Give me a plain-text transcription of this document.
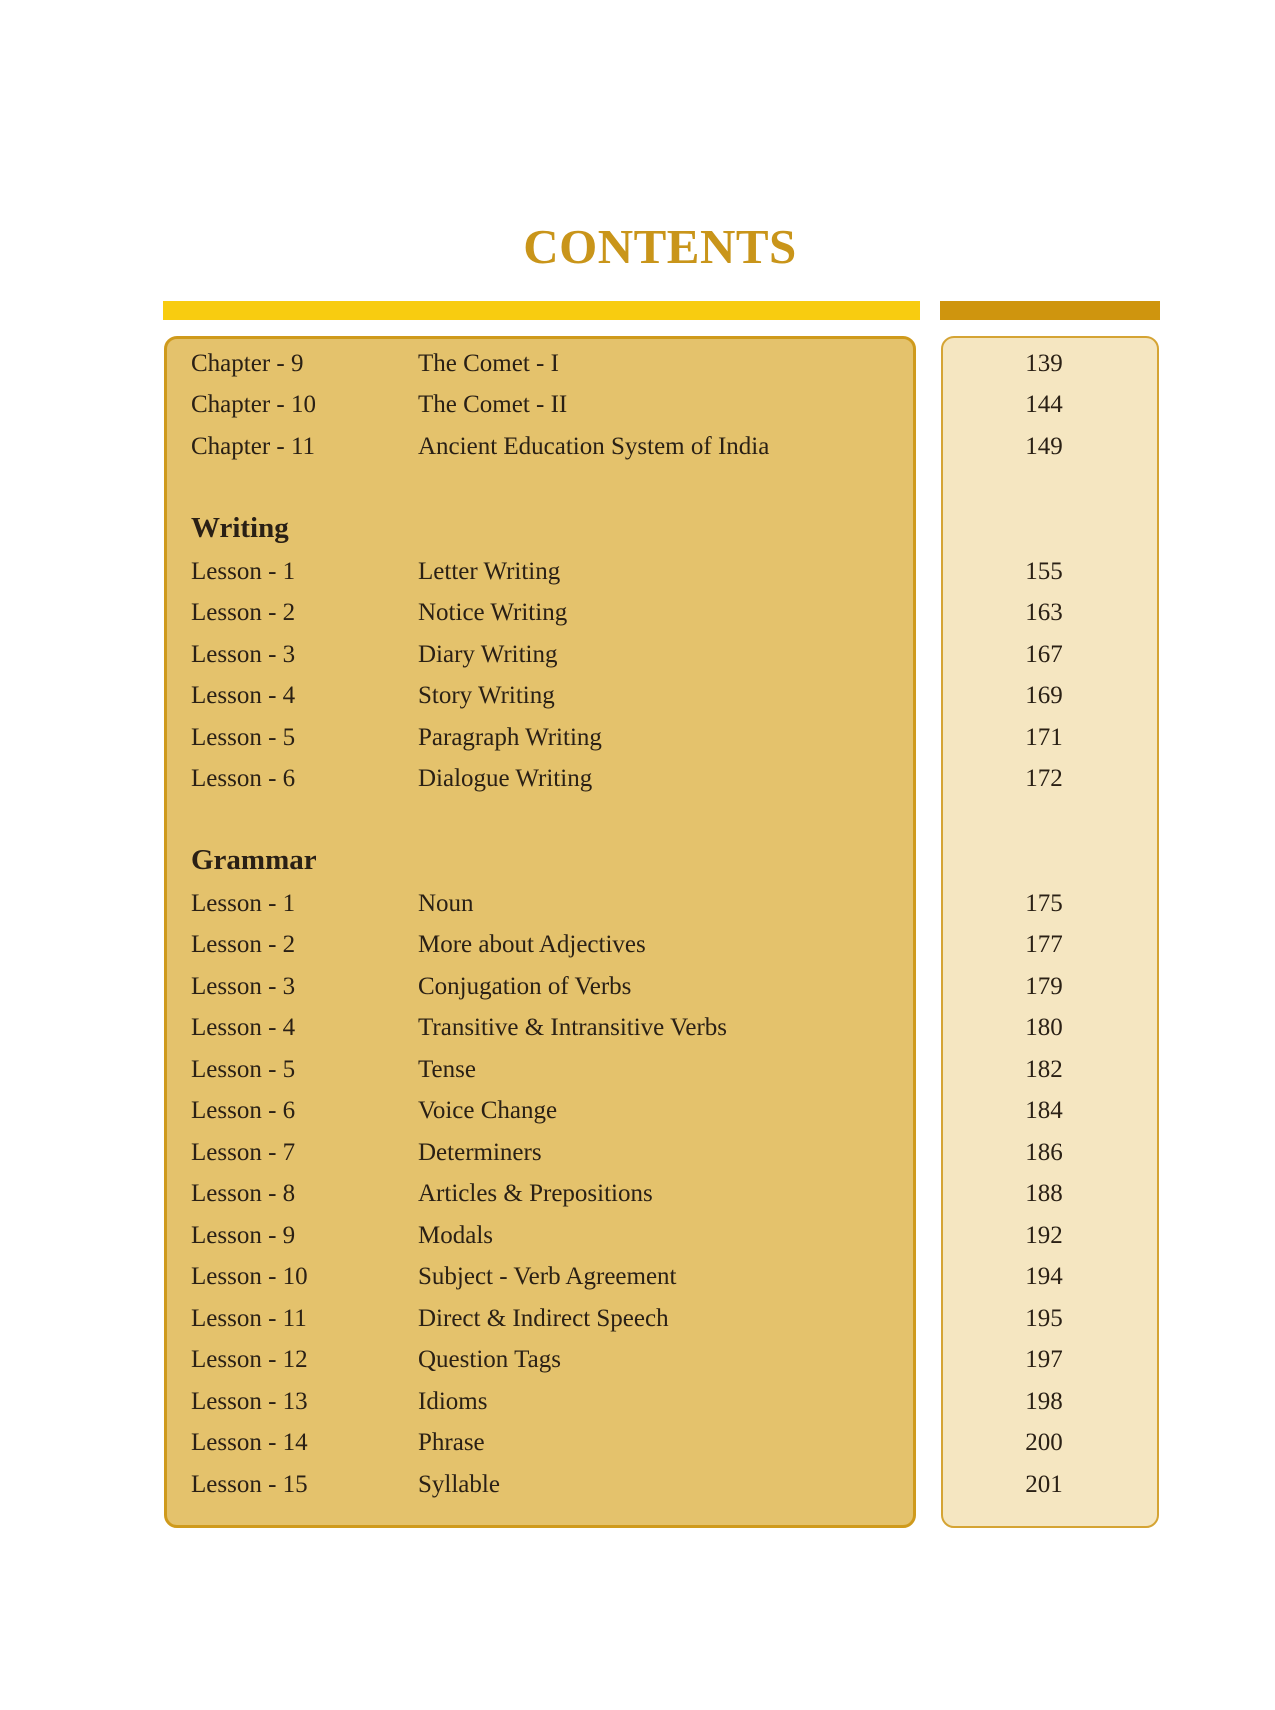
CONTENTS
Chapter - 9	The Comet - I	139
Chapter - 10	The Comet - II	144
Chapter - 11	Ancient Education System of India	149
Writing
Lesson - 1	Letter Writing	155
Lesson - 2	Notice Writing	163
Lesson - 3	Diary Writing	167
Lesson - 4	Story Writing	169
Lesson - 5	Paragraph Writing	171
Lesson - 6	Dialogue Writing	172
Grammar
Lesson - 1	Noun	175
Lesson - 2	More about Adjectives	177
Lesson - 3	Conjugation of Verbs	179
Lesson - 4	Transitive & Intransitive Verbs	180
Lesson - 5	Tense	182
Lesson - 6	Voice Change	184
Lesson - 7	Determiners	186
Lesson - 8	Articles & Prepositions	188
Lesson - 9	Modals	192
Lesson - 10	Subject - Verb Agreement	194
Lesson - 11	Direct & Indirect Speech	195
Lesson - 12	Question Tags	197
Lesson - 13	Idioms	198
Lesson - 14	Phrase	200
Lesson - 15	Syllable	201
